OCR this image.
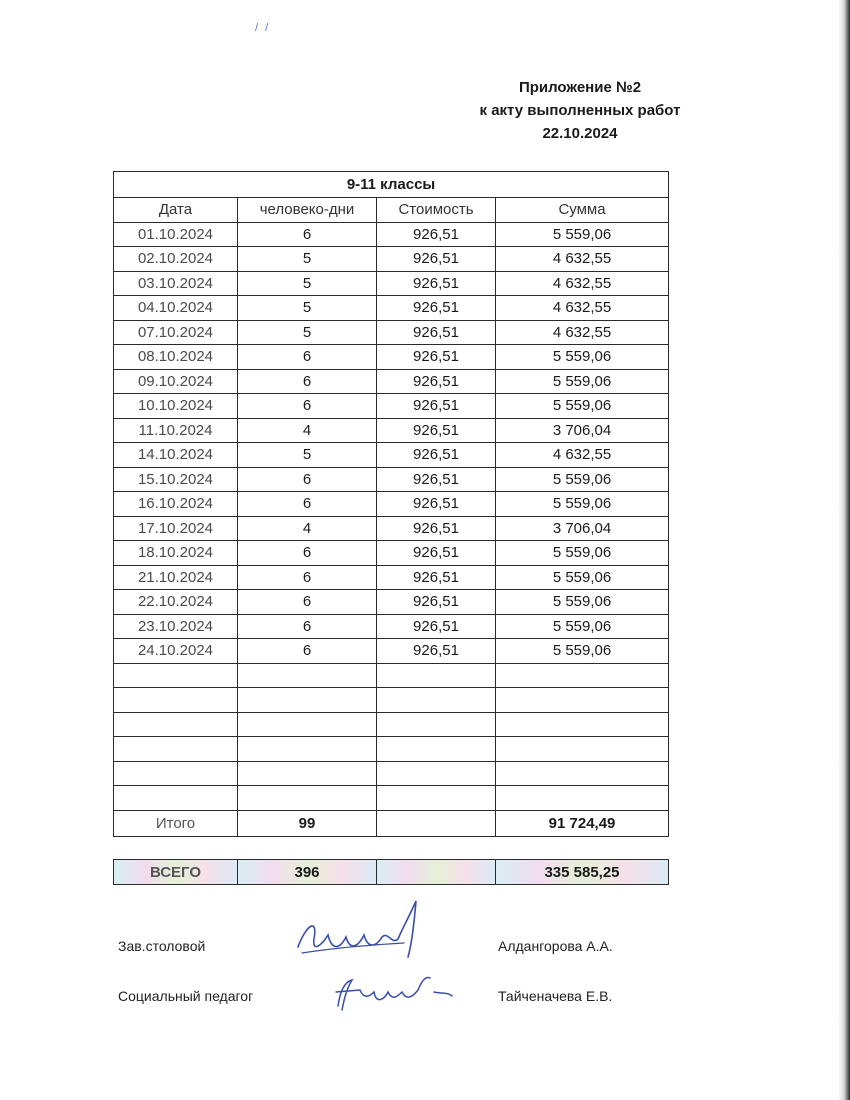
/ /
Приложение №2
к акту выполненных работ
22.10.2024
9-11 классы			
Дата	человеко-дни	Стоимость	Сумма
01.10.2024	6	926,51	5 559,06
02.10.2024	5	926,51	4 632,55
03.10.2024	5	926,51	4 632,55
04.10.2024	5	926,51	4 632,55
07.10.2024	5	926,51	4 632,55
08.10.2024	6	926,51	5 559,06
09.10.2024	6	926,51	5 559,06
10.10.2024	6	926,51	5 559,06
11.10.2024	4	926,51	3 706,04
14.10.2024	5	926,51	4 632,55
15.10.2024	6	926,51	5 559,06
16.10.2024	6	926,51	5 559,06
17.10.2024	4	926,51	3 706,04
18.10.2024	6	926,51	5 559,06
21.10.2024	6	926,51	5 559,06
22.10.2024	6	926,51	5 559,06
23.10.2024	6	926,51	5 559,06
24.10.2024	6	926,51	5 559,06

Итого	99		91 724,49
ВСЕГО	396		335 585,25
Зав.столовой	Алдангорова А.А.
Социальный педагог	Тайченачева Е.В.
